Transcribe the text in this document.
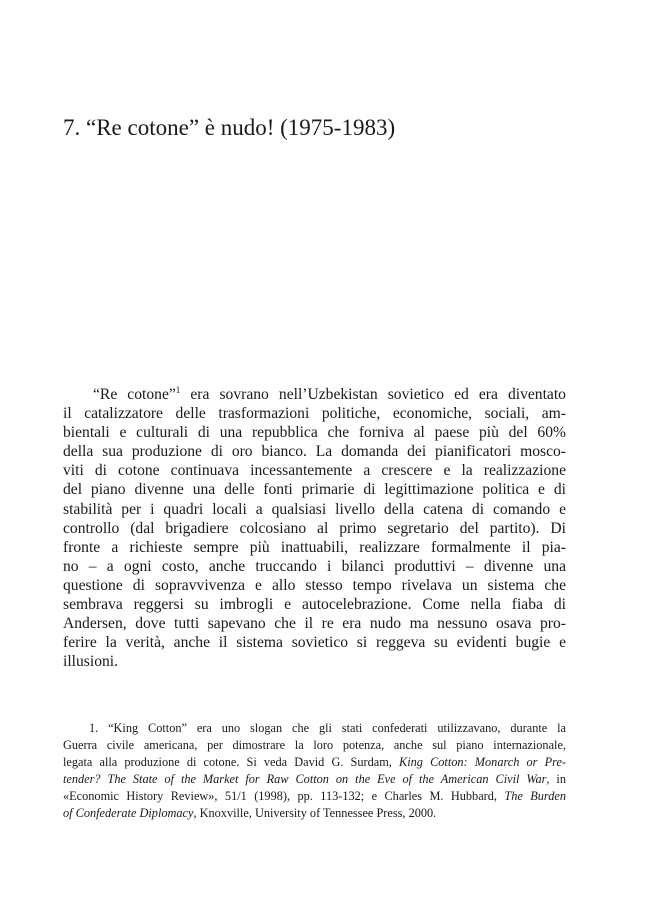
7. “Re cotone” è nudo! (1975-1983)
“Re cotone”$^1$ era sovrano nell’Uzbekistan sovietico ed era diventato
il catalizzatore delle trasformazioni politiche, economiche, sociali, am-
bientali e culturali di una repubblica che forniva al paese più del 60%
della sua produzione di oro bianco. La domanda dei pianificatori mosco-
viti di cotone continuava incessantemente a crescere e la realizzazione
del piano divenne una delle fonti primarie di legittimazione politica e di
stabilità per i quadri locali a qualsiasi livello della catena di comando e
controllo (dal brigadiere colcosiano al primo segretario del partito). Di
fronte a richieste sempre più inattuabili, realizzare formalmente il pia-
no – a ogni costo, anche truccando i bilanci produttivi – divenne una
questione di sopravvivenza e allo stesso tempo rivelava un sistema che
sembrava reggersi su imbrogli e autocelebrazione. Come nella fiaba di
Andersen, dove tutti sapevano che il re era nudo ma nessuno osava pro-
ferire la verità, anche il sistema sovietico si reggeva su evidenti bugie e
illusioni.
1. “King Cotton” era uno slogan che gli stati confederati utilizzavano, durante la
Guerra civile americana, per dimostrare la loro potenza, anche sul piano internazionale,
legata alla produzione di cotone. Si veda David G. Surdam, King Cotton: Monarch or Pre-
tender? The State of the Market for Raw Cotton on the Eve of the American Civil War, in
«Economic History Review», 51/1 (1998), pp. 113-132; e Charles M. Hubbard, The Burden
of Confederate Diplomacy, Knoxville, University of Tennessee Press, 2000.
